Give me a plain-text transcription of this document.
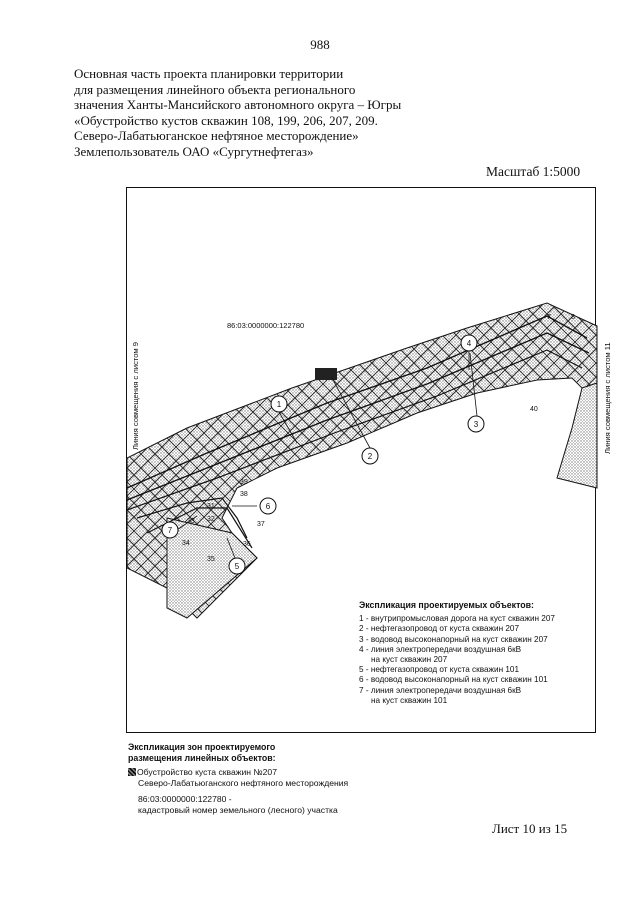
988
Основная часть проекта планировки территории
для размещения линейного объекта регионального
значения Ханты-Мансийского автономного округа – Югры
«Обустройство кустов скважин 108, 199, 206, 207, 209.
Северо-Лабатьюганское нефтяное месторождение»
Землепользователь ОАО «Сургутнефтегаз»
Масштаб 1:5000
86:03:0000000:122780
7	8
40
39
38
37
36
35
34
33 32
31
1
2
3
4
5
6
7
Линия совмещения с листом 9	Линия совмещения с листом 11
Экспликация проектируемых объектов:
1 - внутрипромысловая дорога на куст скважин 207
2 - нефтегазопровод от куста скважин 207
3 - водовод высоконапорный на куст скважин 207
4 - линия электропередачи воздушная 6кВ
на куст скважин 207
5 - нефтегазопровод от куста скважин 101
6 - водовод высоконапорный на куст скважин 101
7 - линия электропередачи воздушная 6кВ
на куст скважин 101
Экспликация зон проектируемого
размещения линейных объектов:
Обустройство куста скважин №207
Северо-Лабатьюганского нефтяного месторождения
86:03:0000000:122780 -
кадастровый номер земельного (лесного) участка
Лист 10 из 15
